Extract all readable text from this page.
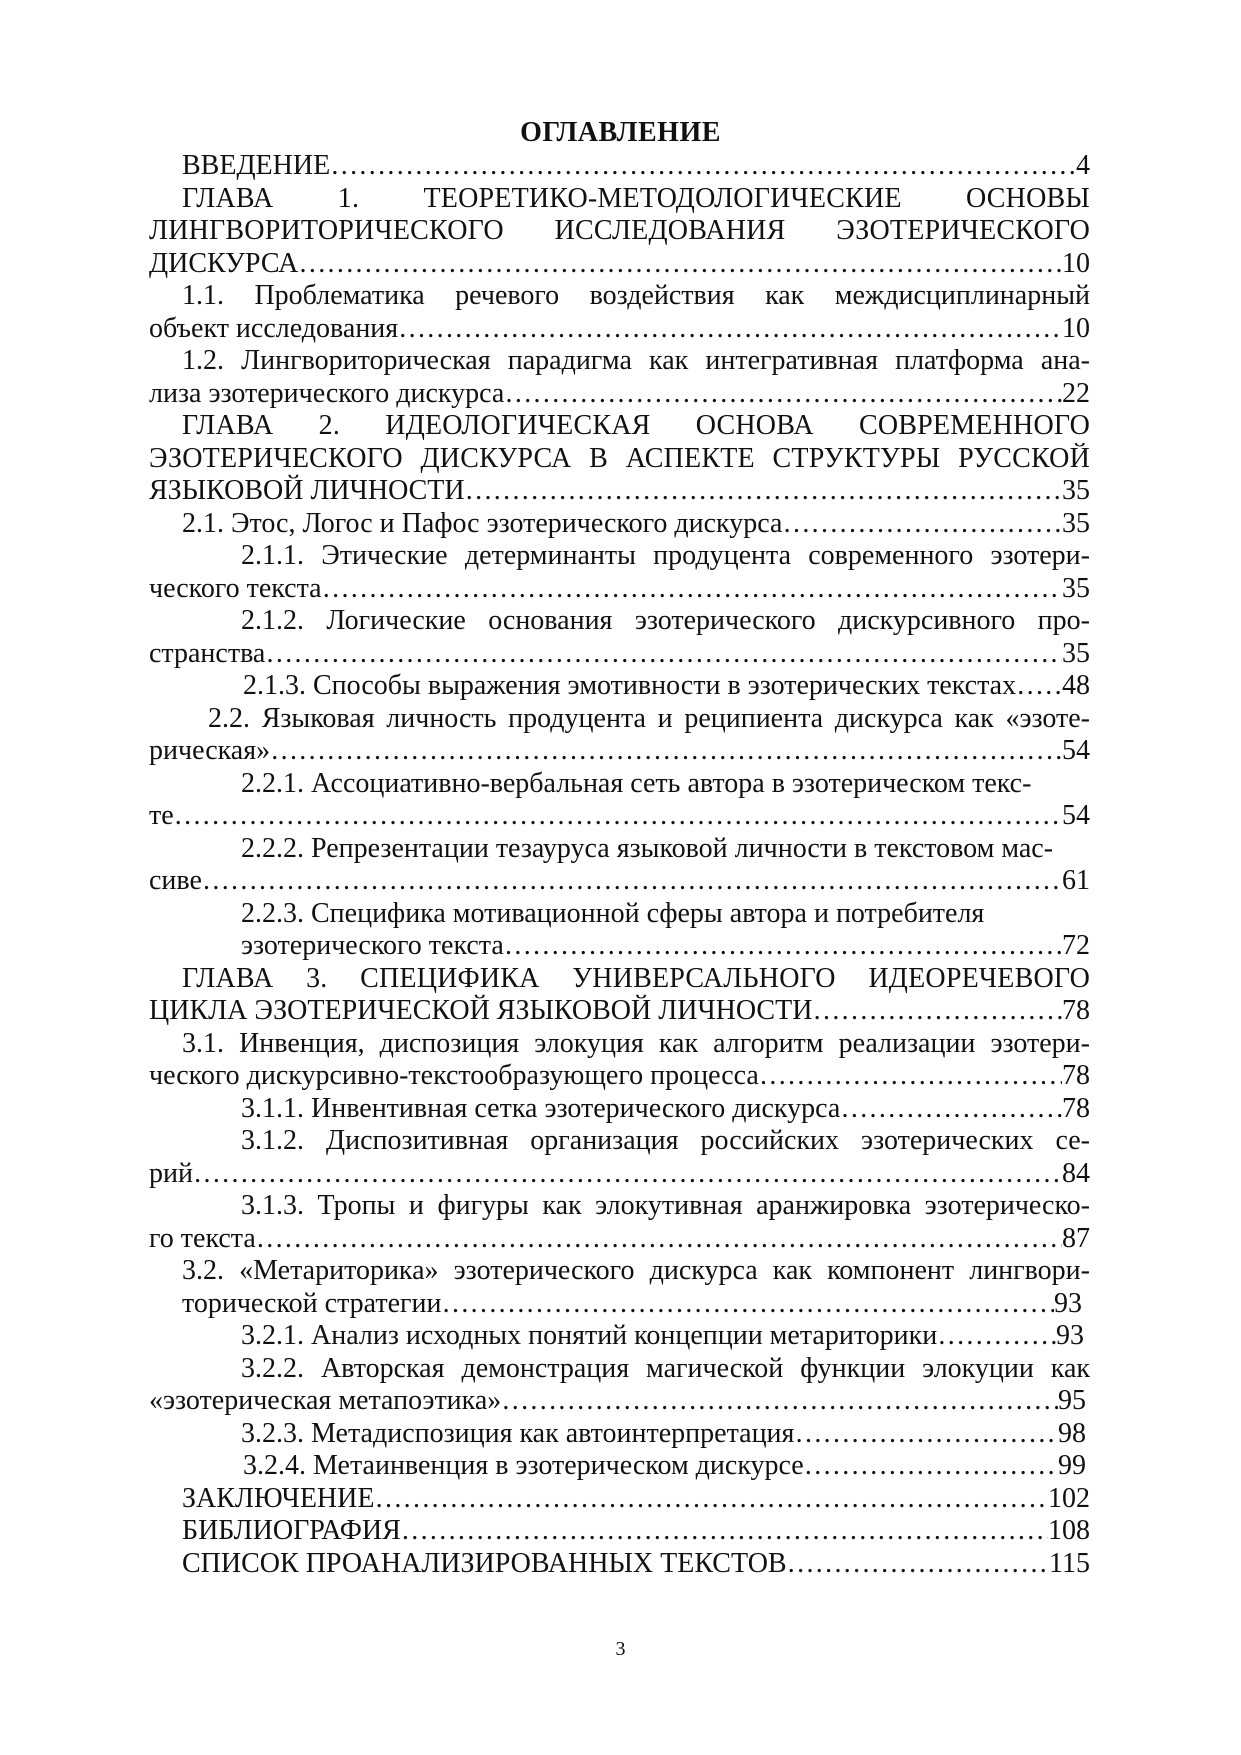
ОГЛАВЛЕНИЕ
ВВЕДЕНИЕ ……………………………………………………………………………………………………………………………………………………………………………………	4
ГЛАВА 1. ТЕОРЕТИКО-МЕТОДОЛОГИЧЕСКИЕ ОСНОВЫ
ЛИНГВОРИТОРИЧЕСКОГО ИССЛЕДОВАНИЯ ЭЗОТЕРИЧЕСКОГО
ДИСКУРСА ……………………………………………………………………………………………………………………………………………………………………………………	10
1.1. Проблематика речевого воздействия как междисциплинарный
объект исследования ……………………………………………………………………………………………………………………………………………………………………………………	10
1.2. Лингвориторическая парадигма как интегративная платформа ана-
лиза эзотерического дискурса ……………………………………………………………………………………………………………………………………………………………………………………	22
ГЛАВА 2. ИДЕОЛОГИЧЕСКАЯ ОСНОВА СОВРЕМЕННОГО
ЭЗОТЕРИЧЕСКОГО ДИСКУРСА В АСПЕКТЕ СТРУКТУРЫ РУССКОЙ
ЯЗЫКОВОЙ ЛИЧНОСТИ ……………………………………………………………………………………………………………………………………………………………………………………	35
2.1. Этос, Логос и Пафос эзотерического дискурса ……………………………………………………………………………………………………………………………………………………………………………………	35
2.1.1. Этические детерминанты продуцента современного эзотери-
ческого текста ……………………………………………………………………………………………………………………………………………………………………………………	35
2.1.2. Логические основания эзотерического дискурсивного про-
странства ……………………………………………………………………………………………………………………………………………………………………………………	35
2.1.3. Способы выражения эмотивности в эзотерических текстах …………………………………………………………………………………………………………………………………………………………………………………… 48
2.2. Языковая личность продуцента и реципиента дискурса как «эзоте-
рическая» ……………………………………………………………………………………………………………………………………………………………………………………	54
2.2.1. Ассоциативно-вербальная сеть автора в эзотерическом текс-
те ……………………………………………………………………………………………………………………………………………………………………………………	54
2.2.2. Репрезентации тезауруса языковой личности в текстовом мас-
сиве ……………………………………………………………………………………………………………………………………………………………………………………	61
2.2.3. Специфика мотивационной сферы автора и потребителя
эзотерического текста ……………………………………………………………………………………………………………………………………………………………………………………	72
ГЛАВА 3. СПЕЦИФИКА УНИВЕРСАЛЬНОГО ИДЕОРЕЧЕВОГО
ЦИКЛА ЭЗОТЕРИЧЕСКОЙ ЯЗЫКОВОЙ ЛИЧНОСТИ ……………………………………………………………………………………………………………………………………………………………………………………	78
3.1. Инвенция, диспозиция элокуция как алгоритм реализации эзотери-
ческого дискурсивно-текстообразующего процесса ……………………………………………………………………………………………………………………………………………………………………………………	78
3.1.1. Инвентивная сетка эзотерического дискурса ……………………………………………………………………………………………………………………………………………………………………………………	78
3.1.2. Диспозитивная организация российских эзотерических се-
рий ……………………………………………………………………………………………………………………………………………………………………………………	84
3.1.3. Тропы и фигуры как элокутивная аранжировка эзотерическо-
го текста ……………………………………………………………………………………………………………………………………………………………………………………	87
3.2. «Метариторика» эзотерического дискурса как компонент лингвори-
торической стратегии ……………………………………………………………………………………………………………………………………………………………………………………	93
3.2.1. Анализ исходных понятий концепции метариторики ……………………………………………………………………………………………………………………………………………………………………………………	93
3.2.2. Авторская демонстрация магической функции элокуции как
«эзотерическая метапоэтика» ……………………………………………………………………………………………………………………………………………………………………………………	95
3.2.3. Метадиспозиция как автоинтерпретация ……………………………………………………………………………………………………………………………………………………………………………………	98
3.2.4. Метаинвенция в эзотерическом дискурсе ……………………………………………………………………………………………………………………………………………………………………………………	99
ЗАКЛЮЧЕНИЕ ……………………………………………………………………………………………………………………………………………………………………………………	102
БИБЛИОГРАФИЯ ……………………………………………………………………………………………………………………………………………………………………………………	108
СПИСОК ПРОАНАЛИЗИРОВАННЫХ ТЕКСТОВ ……………………………………………………………………………………………………………………………………………………………………………………	115
3
